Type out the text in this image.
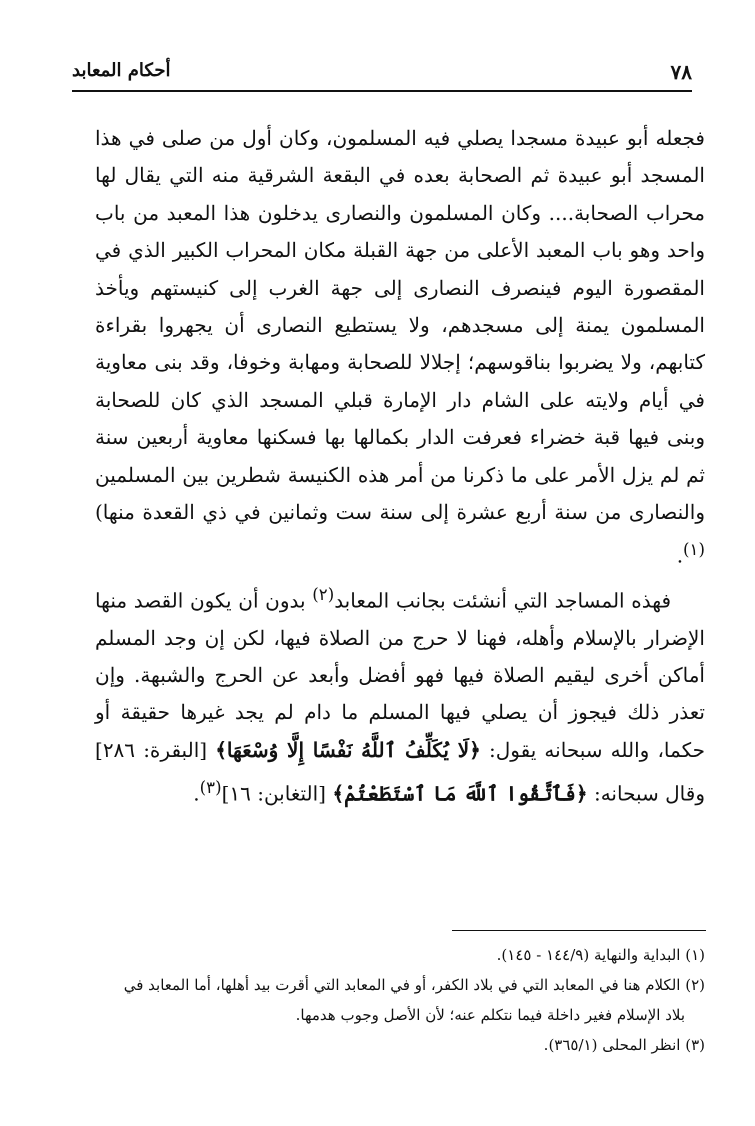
٧٨
أحكام المعابد

فجعله أبو عبيدة مسجدا يصلي فيه المسلمون، وكان أول من صلى في هذا المسجد أبو عبيدة ثم الصحابة بعده في البقعة الشرقية منه التي يقال لها محراب الصحابة.... وكان المسلمون والنصارى يدخلون هذا المعبد من باب واحد وهو باب المعبد الأعلى من جهة القبلة مكان المحراب الكبير الذي في المقصورة اليوم فينصرف النصارى إلى جهة الغرب إلى كنيستهم ويأخذ المسلمون يمنة إلى مسجدهم، ولا يستطيع النصارى أن يجهروا بقراءة كتابهم، ولا يضربوا بناقوسهم؛ إجلالا للصحابة ومهابة وخوفا، وقد بنى معاوية في أيام ولايته على الشام دار الإمارة قبلي المسجد الذي كان للصحابة وبنى فيها قبة خضراء فعرفت الدار بكمالها بها فسكنها معاوية أربعين سنة ثم لم يزل الأمر على ما ذكرنا من أمر هذه الكنيسة شطرين بين المسلمين والنصارى من سنة أربع عشرة إلى سنة ست وثمانين في ذي القعدة منها)$^{(١)}$.

فهذه المساجد التي أنشئت بجانب المعابد$^{(٢)}$ بدون أن يكون القصد منها الإضرار بالإسلام وأهله، فهنا لا حرج من الصلاة فيها، لكن إن وجد المسلم أماكن أخرى ليقيم الصلاة فيها فهو أفضل وأبعد عن الحرج والشبهة. وإن تعذر ذلك فيجوز أن يصلي فيها المسلم ما دام لم يجد غيرها حقيقة أو حكما، والله سبحانه يقول: ﴿لَا يُكَلِّفُ ٱللَّهُ نَفْسًا إِلَّا وُسْعَهَا﴾ [البقرة: ٢٨٦] وقال سبحانه: ﴿فَٱتَّقُوا ٱللَّهَ مَا ٱسْتَطَعْتُمْ﴾ [التغابن: ١٦]$^{(٣)}$.

(١) البداية والنهاية (١٤٤/٩ - ١٤٥).

(٢) الكلام هنا في المعابد التي في بلاد الكفر، أو في المعابد التي أقرت بيد أهلها، أما المعابد في

بلاد الإسلام فغير داخلة فيما نتكلم عنه؛ لأن الأصل وجوب هدمها.

(٣) انظر المحلى (٣٦٥/١).
